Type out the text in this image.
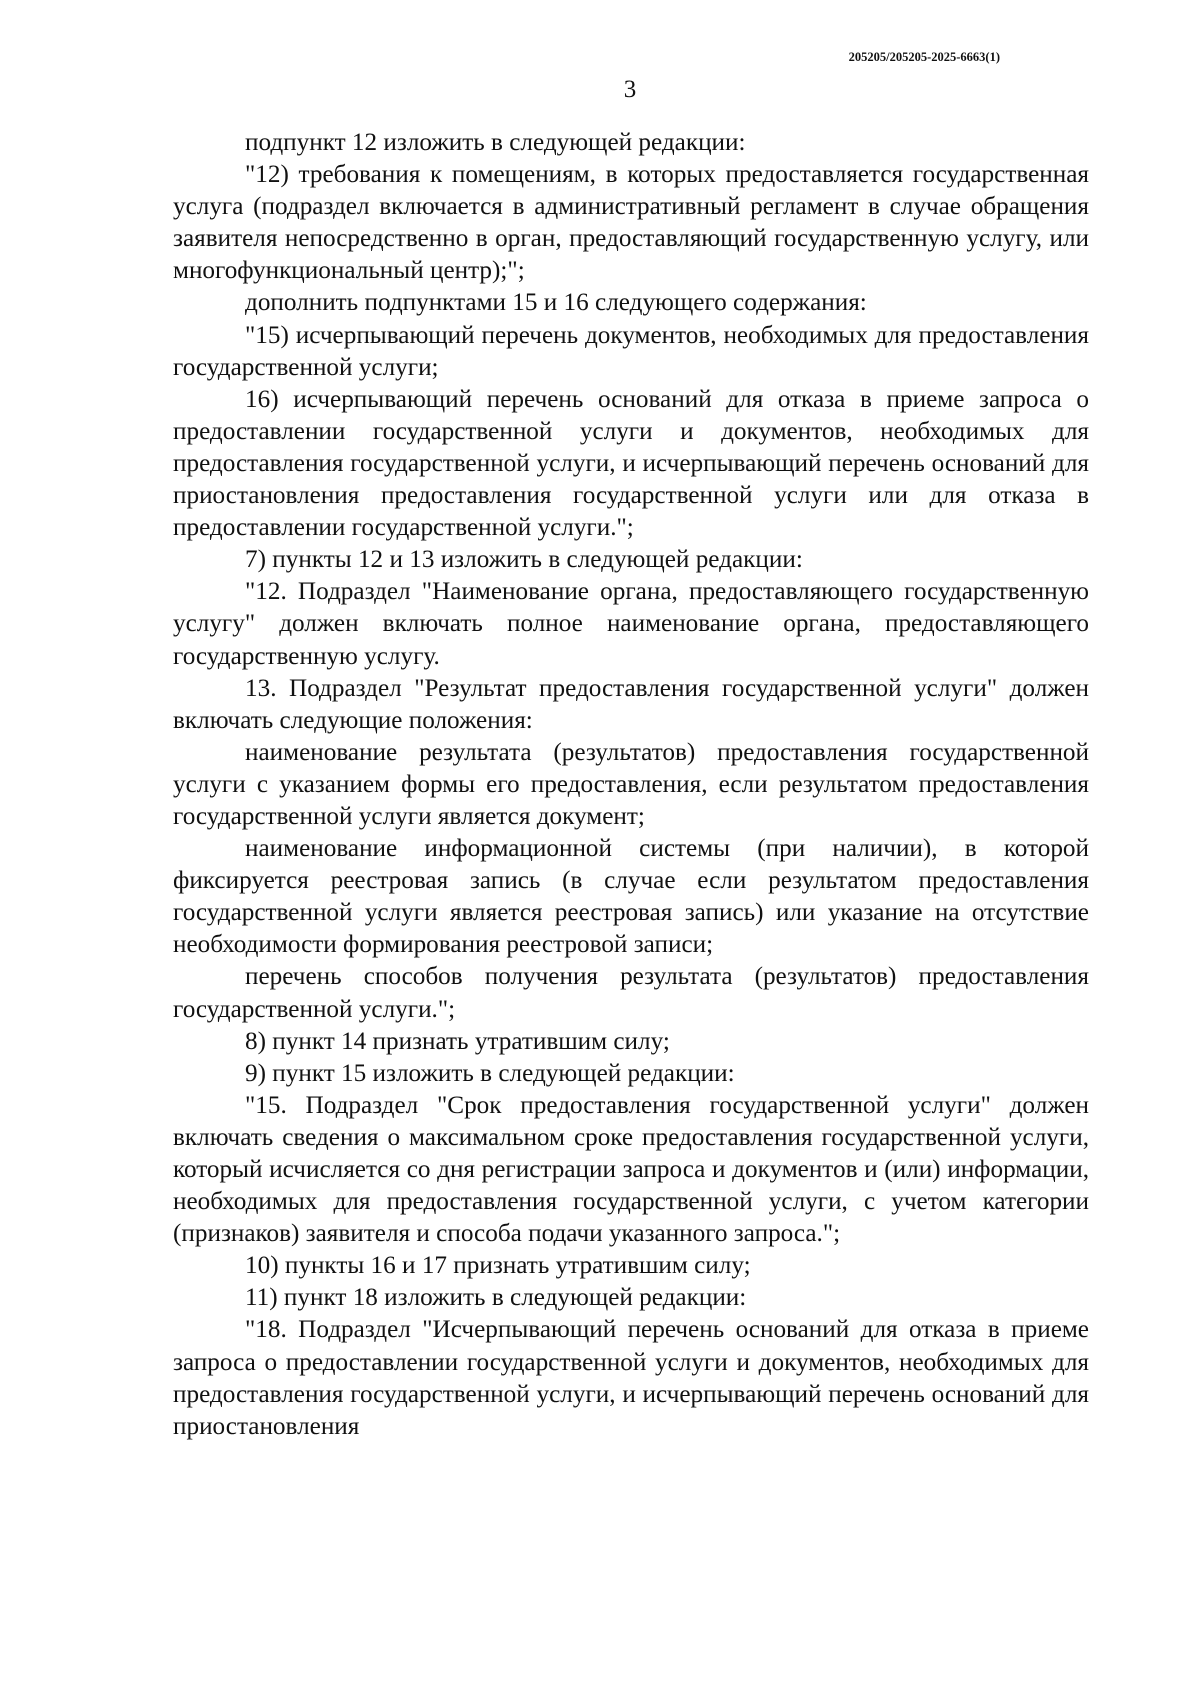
205205/205205-2025-6663(1)
3

подпункт 12 изложить в следующей редакции:

"12) требования к помещениям, в которых предоставляется государственная услуга (подраздел включается в административный регламент в случае обращения заявителя непосредственно в орган, предоставляющий государственную услугу, или многофункциональный центр);";

дополнить подпунктами 15 и 16 следующего содержания:

"15) исчерпывающий перечень документов, необходимых для предоставления государственной услуги;

16) исчерпывающий перечень оснований для отказа в приеме запроса о предоставлении государственной услуги и документов, необходимых для предоставления государственной услуги, и исчерпывающий перечень оснований для приостановления предоставления государственной услуги или для отказа в предоставлении государственной услуги.";

7) пункты 12 и 13 изложить в следующей редакции:

"12. Подраздел "Наименование органа, предоставляющего государственную услугу" должен включать полное наименование органа, предоставляющего государственную услугу.

13. Подраздел "Результат предоставления государственной услуги" должен включать следующие положения:

наименование результата (результатов) предоставления государственной услуги с указанием формы его предоставления, если результатом предоставления государственной услуги является документ;

наименование информационной системы (при наличии), в которой фиксируется реестровая запись (в случае если результатом предоставления государственной услуги является реестровая запись) или указание на отсутствие необходимости формирования реестровой записи;

перечень способов получения результата (результатов) предоставления государственной услуги.";

8) пункт 14 признать утратившим силу;

9) пункт 15 изложить в следующей редакции:

"15. Подраздел "Срок предоставления государственной услуги" должен включать сведения о максимальном сроке предоставления государственной услуги, который исчисляется со дня регистрации запроса и документов и (или) информации, необходимых для предоставления государственной услуги, с учетом категории (признаков) заявителя и способа подачи указанного запроса.";

10) пункты 16 и 17 признать утратившим силу;

11) пункт 18 изложить в следующей редакции:

"18. Подраздел "Исчерпывающий перечень оснований для отказа в приеме запроса о предоставлении государственной услуги и документов, необходимых для предоставления государственной услуги, и исчерпывающий перечень оснований для приостановления
